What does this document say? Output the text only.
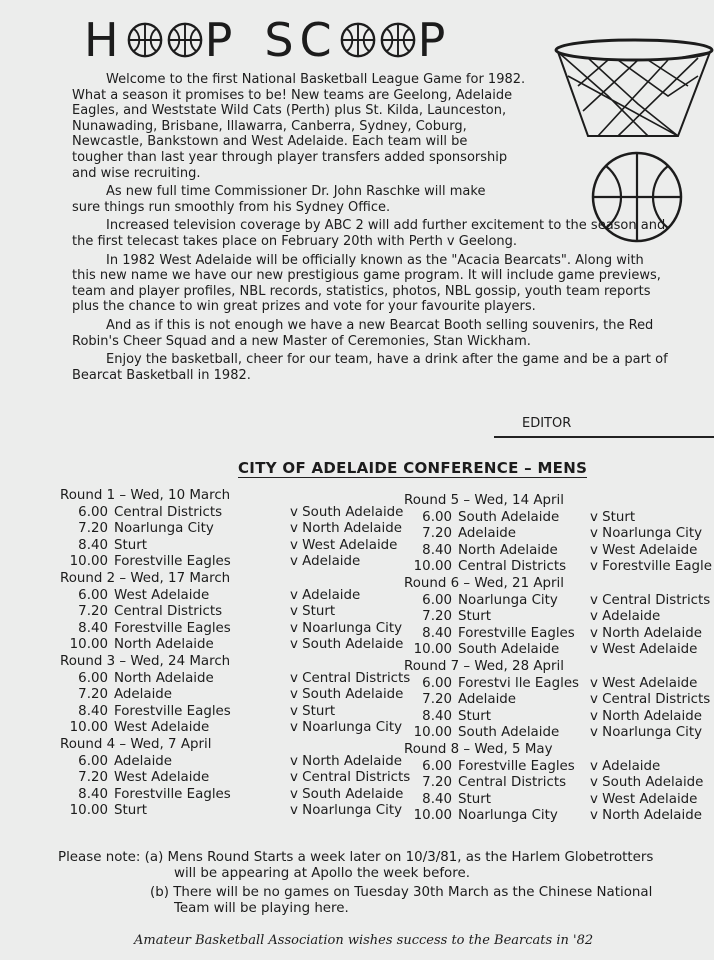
H P SC P

Welcome to the first National Basketball League Game for 1982.

What a season it promises to be! New teams are Geelong, Adelaide

Eagles, and Weststate Wild Cats (Perth) plus St. Kilda, Launceston,

Nunawading, Brisbane, Illawarra, Canberra, Sydney, Coburg,

Newcastle, Bankstown and West Adelaide. Each team will be

tougher than last year through player transfers added sponsorship

and wise recruiting.

As new full time Commissioner Dr. John Raschke will make

sure things run smoothly from his Sydney Office.

Increased television coverage by ABC 2 will add further excitement to the season and

the first telecast takes place on February 20th with Perth v Geelong.

In 1982 West Adelaide will be officially known as the "Acacia Bearcats". Along with

this new name we have our new prestigious game program. It will include game previews,

team and player profiles, NBL records, statistics, photos, NBL gossip, youth team reports

plus the chance to win great prizes and vote for your favourite players.

And as if this is not enough we have a new Bearcat Booth selling souvenirs, the Red

Robin's Cheer Squad and a new Master of Ceremonies, Stan Wickham.

Enjoy the basketball, cheer for our team, have a drink after the game and be a part of

Bearcat Basketball in 1982.

EDITOR
CITY OF ADELAIDE CONFERENCE – MENS
Round 1 – Wed, 10 March
6.00 Central Districts	v South Adelaide
7.20 Noarlunga City	v North Adelaide
8.40 Sturt	v West Adelaide
10.00 Forestville Eagles	v Adelaide
Round 2 – Wed, 17 March
6.00 West Adelaide	v Adelaide
7.20 Central Districts	v Sturt
8.40 Forestville Eagles	v Noarlunga City
10.00 North Adelaide	v South Adelaide
Round 3 – Wed, 24 March
6.00 North Adelaide	v Central Districts
7.20 Adelaide	v South Adelaide
8.40 Forestville Eagles	v Sturt
10.00 West Adelaide	v Noarlunga City
Round 4 – Wed, 7 April
6.00 Adelaide	v North Adelaide
7.20 West Adelaide	v Central Districts
8.40 Forestville Eagles	v South Adelaide
10.00 Sturt	v Noarlunga City
Round 5 – Wed, 14 April
6.00 South Adelaide	v Sturt
7.20 Adelaide	v Noarlunga City
8.40 North Adelaide	v West Adelaide
10.00 Central Districts	v Forestville Eagle
Round 6 – Wed, 21 April
6.00 Noarlunga City	v Central Districts
7.20 Sturt	v Adelaide
8.40 Forestville Eagles	v North Adelaide
10.00 South Adelaide	v West Adelaide
Round 7 – Wed, 28 April
6.00 Forestvi lle Eagles v West Adelaide
7.20 Adelaide	v Central Districts
8.40 Sturt	v North Adelaide
10.00 South Adelaide	v Noarlunga City
Round 8 – Wed, 5 May
6.00 Forestville Eagles	v Adelaide
7.20 Central Districts	v South Adelaide
8.40 Sturt	v West Adelaide
10.00 Noarlunga City	v North Adelaide
Please note: (a) Mens Round Starts a week later on 10/3/81, as the Harlem Globetrotters
will be appearing at Apollo the week before.
(b) There will be no games on Tuesday 30th March as the Chinese National
Team will be playing here.
Amateur Basketball Association wishes success to the Bearcats in '82
